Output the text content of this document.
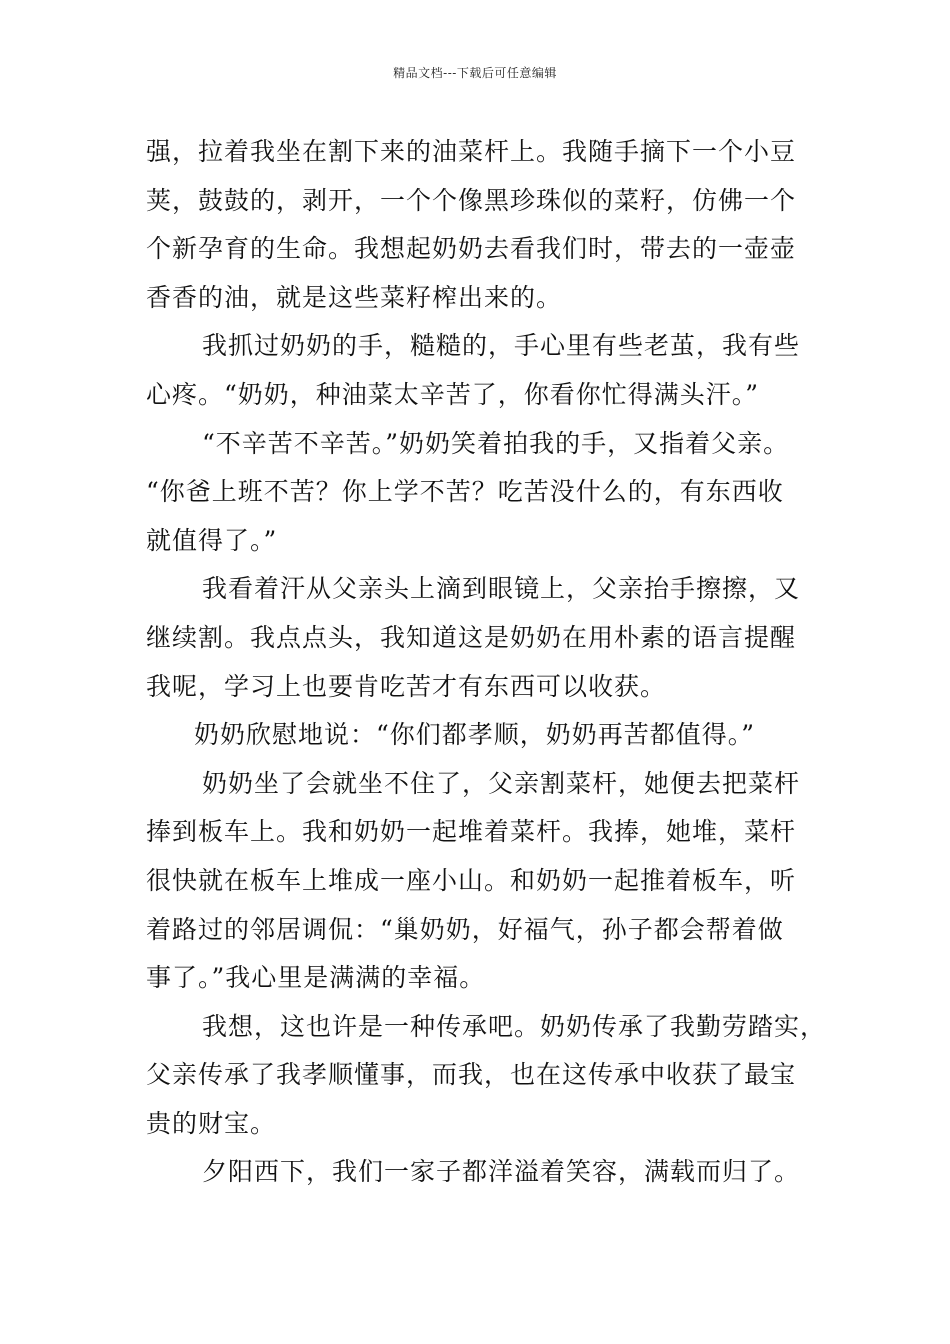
精品文档---下载后可任意编辑
强，拉着我坐在割下来的油菜杆上。我随手摘下一个小豆
荚，鼓鼓的，剥开，一个个像黑珍珠似的菜籽，仿佛一个
个新孕育的生命。我想起奶奶去看我们时，带去的一壶壶
香香的油，就是这些菜籽榨出来的。
我抓过奶奶的手，糙糙的，手心里有些老茧，我有些
心疼。“奶奶，种油菜太辛苦了，你看你忙得满头汗。”
“不辛苦不辛苦。”奶奶笑着拍我的手，又指着父亲。
“你爸上班不苦？你上学不苦？吃苦没什么的，有东西收
就值得了。”
我看着汗从父亲头上滴到眼镜上，父亲抬手擦擦，又
继续割。我点点头，我知道这是奶奶在用朴素的语言提醒
我呢，学习上也要肯吃苦才有东西可以收获。
奶奶欣慰地说：“你们都孝顺，奶奶再苦都值得。”
奶奶坐了会就坐不住了，父亲割菜杆，她便去把菜杆
捧到板车上。我和奶奶一起堆着菜杆。我捧，她堆，菜杆
很快就在板车上堆成一座小山。和奶奶一起推着板车，听
着路过的邻居调侃：“巢奶奶，好福气，孙子都会帮着做
事了。”我心里是满满的幸福。
我想，这也许是一种传承吧。奶奶传承了我勤劳踏实，
父亲传承了我孝顺懂事，而我，也在这传承中收获了最宝
贵的财宝。
夕阳西下，我们一家子都洋溢着笑容，满载而归了。
